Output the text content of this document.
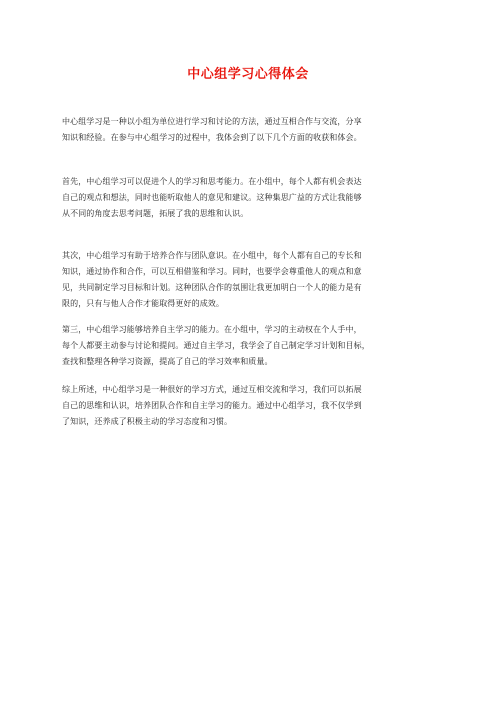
中心组学习心得体会
中心组学习是一种以小组为单位进行学习和讨论的方法，通过互相合作与交流，分享
知识和经验。在参与中心组学习的过程中，我体会到了以下几个方面的收获和体会。
首先，中心组学习可以促进个人的学习和思考能力。在小组中，每个人都有机会表达
自己的观点和想法，同时也能听取他人的意见和建议。这种集思广益的方式让我能够
从不同的角度去思考问题，拓展了我的思维和认识。
其次，中心组学习有助于培养合作与团队意识。在小组中，每个人都有自己的专长和
知识，通过协作和合作，可以互相借鉴和学习。同时，也要学会尊重他人的观点和意
见，共同制定学习目标和计划。这种团队合作的氛围让我更加明白一个人的能力是有
限的，只有与他人合作才能取得更好的成效。
第三，中心组学习能够培养自主学习的能力。在小组中，学习的主动权在个人手中，
每个人都要主动参与讨论和提问。通过自主学习，我学会了自己制定学习计划和目标，
查找和整理各种学习资源，提高了自己的学习效率和质量。
综上所述，中心组学习是一种很好的学习方式，通过互相交流和学习，我们可以拓展
自己的思维和认识，培养团队合作和自主学习的能力。通过中心组学习，我不仅学到
了知识，还养成了积极主动的学习态度和习惯。
